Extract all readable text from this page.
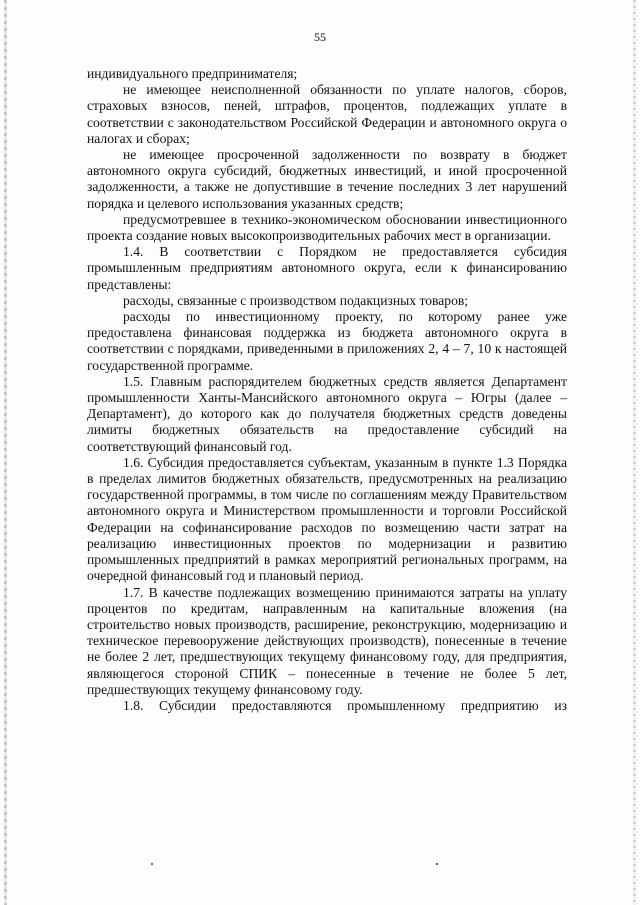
55

индивидуального предпринимателя;

не имеющее неисполненной обязанности по уплате налогов, сборов, страховых взносов, пеней, штрафов, процентов, подлежащих уплате в соответствии с законодательством Российской Федерации и автономного округа о налогах и сборах;

не имеющее просроченной задолженности по возврату в бюджет автономного округа субсидий, бюджетных инвестиций, и иной просроченной задолженности, а также не допустившие в течение последних 3 лет нарушений порядка и целевого использования указанных средств;

предусмотревшее в технико-экономическом обосновании инвестиционного проекта создание новых высокопроизводительных рабочих мест в организации.

1.4. В соответствии с Порядком не предоставляется субсидия промышленным предприятиям автономного округа, если к финансированию представлены:

расходы, связанные с производством подакцизных товаров;

расходы по инвестиционному проекту, по которому ранее уже предоставлена финансовая поддержка из бюджета автономного округа в соответствии с порядками, приведенными в приложениях 2, 4 – 7, 10 к настоящей государственной программе.

1.5. Главным распорядителем бюджетных средств является Департамент промышленности Ханты-Мансийского автономного округа – Югры (далее – Департамент), до которого как до получателя бюджетных средств доведены лимиты бюджетных обязательств на предоставление субсидий на соответствующий финансовый год.

1.6. Субсидия предоставляется субъектам, указанным в пункте 1.3 Порядка в пределах лимитов бюджетных обязательств, предусмотренных на реализацию государственной программы, в том числе по соглашениям между Правительством автономного округа и Министерством промышленности и торговли Российской Федерации на софинансирование расходов по возмещению части затрат на реализацию инвестиционных проектов по модернизации и развитию промышленных предприятий в рамках мероприятий региональных программ, на очередной финансовый год и плановый период.

1.7. В качестве подлежащих возмещению принимаются затраты на уплату процентов по кредитам, направленным на капитальные вложения (на строительство новых производств, расширение, реконструкцию, модернизацию и техническое перевооружение действующих производств), понесенные в течение не более 2 лет, предшествующих текущему финансовому году, для предприятия, являющегося стороной СПИК – понесенные в течение не более 5 лет, предшествующих текущему финансовому году.

1.8. Субсидии предоставляются промышленному предприятию из
